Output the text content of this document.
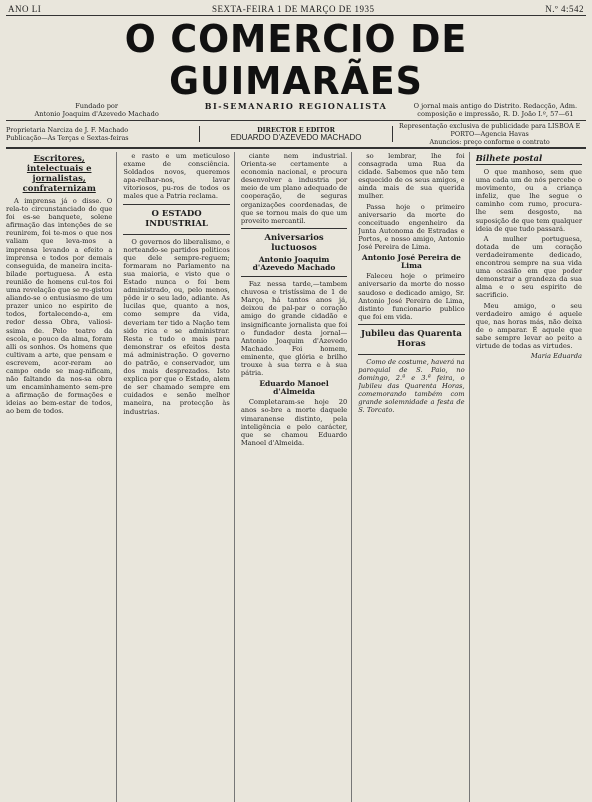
ANO LI	SEXTA-FEIRA 1 DE MARÇO DE 1935	N.º 4:542
O COMERCIO DE GUIMARÃES
Fundado por
Antonio Joaquim d'Azevedo Machado
BI-SEMANARIO REGIONALISTA	O jornal mais antigo do Distrito. Redacção, Adm. composição e impressão, R. D. João I.º, 57—61
Proprietaria Narciza de J. F. Machado
Publicação—Às Terças e Sextas-feiras
DIRECTOR E EDITOR
EDUARDO D'AZEVEDO MACHADO
Representação exclusiva de publicidade para LISBOA E PORTO—Agencia Havas
Anuncios: preço conforme o contrato
Escritores, intelectuais e jornalistas, confraternizam

A imprensa já o disse. O rela-to circunstanciado do que foi es-se banquete, solene afirmação das intenções de se reunirem, foi te-mos o que nos valiam que leva-mos a imprensa levando a efeito a imprensa e todos por demais conseguida, de maneira incita-bilade portuguesa. A esta reunião de homens cul-tos foi uma revelação que se re-gistou aliando-se o entusiasmo de um prazer unico no espirito de todos, fortalecendo-a, em redor dessa Obra, valiosi-ssima de. Pelo teatro da escola, e pouco da alma, foram alli os sonhos. Os homens que cultivam a arte, que pensam e escrevem, acor-reram ao campo onde se mag-nificam, não faltando da nos-sa obra um encaminhamento sem-pre a afirmação de formações e ideias ao bem-estar de todos, ao bem de todos.

e rasto e um meticuloso exame de consciência. Soldados novos, queremos apa-relhar-nos, lavar vitoriosos, pu-ros de todos os males que a Patria reclama.

O ESTADO INDUSTRIAL

O governos do liberalismo, e norteando-se partidos politicos que dele sempre-reguem; formaram no Parlamento na sua maioria, e visto que o Estado nunca o foi bem administrado, ou, pelo menos, pôde ir o seu lado, adiante. As lucilas que, quanto a nos, como sempre da vida, deveriam ter tido a Nação tem sido rica e se administrar. Resta e tudo o mais para demonstrar os efeitos desta má administração. O governo do patrão, e conservador, um dos mais desprezados. Isto explica por que o Estado, alem de ser chamado sempre em cuidados e senão melhor maneira, na protecção às industrias.

ciante nem industrial. Orienta-se certamente a economia nacional, e procura desenvolver a industria por meio de um plano adequado de cooperação, de seguras organizações coordenadas, de que se tornou mais do que um proveito mercantil.

Aniversarios luctuosos
Antonio Joaquim d'Azevedo Machado

Faz nessa tarde,—tambem chuvosa e tristíssima de 1 de Março, há tantos anos já, deixou de pal-par o coração amigo do grande cidadão e insignificante jornalista que foi o fundador desta jornal—Antonio Joaquim d'Azevedo Machado. Foi homem, eminente, que glória e brilho trouxe à sua terra e à sua pátria.

Eduardo Manoel d'Almeida

Completaram-se hoje 20 anos so-bre a morte daquele vimaranense distinto, pela inteligência e pelo carácter, que se chamou Eduardo Manoel d'Almeida.

so lembrar, lhe foi consagrada uma Rua da cidade. Sabemos que não tem esquecido de os seus amigos, e ainda mais de sua querida mulher.

Passa hoje o primeiro aniversario da morte do conceituado engenheiro da Junta Autonoma de Estradas e Portos, e nosso amigo, Antonio José Pereira de Lima.

Antonio José Pereira de Lima

Faleceu hoje o primeiro aniversario da morte do nosso saudoso e dedicado amigo, Sr. Antonio José Pereira de Lima, distinto funcionario publico que foi em vida.

Jubileu das Quarenta Horas

Como de costume, haverá na paroquial de S. Paio, no domingo, 2.ª e 3.ª feira, o Jubileu das Quarenta Horas, comemorando também com grande solemnidade a festa de S. Torcato.

Bilhete postal

O que manhoso, sem que uma cada um de nós percebe o movimento, ou a criança infeliz, que lhe segue o caminho com rumo, procura-lhe sem desgosto, na suposição de que tem qualquer ideia de que tudo passará.

A mulher portuguesa, dotada de um coração verdadeiramente dedicado, encontrou sempre na sua vida uma ocasião em que poder demonstrar a grandeza da sua alma e o seu espirito de sacrificio.

Meu amigo, o seu verdadeiro amigo é aquele que, nas horas más, não deixa de o amparar. É aquele que sabe sempre levar ao peito a virtude de todas as virtudes.

Maria Eduarda
